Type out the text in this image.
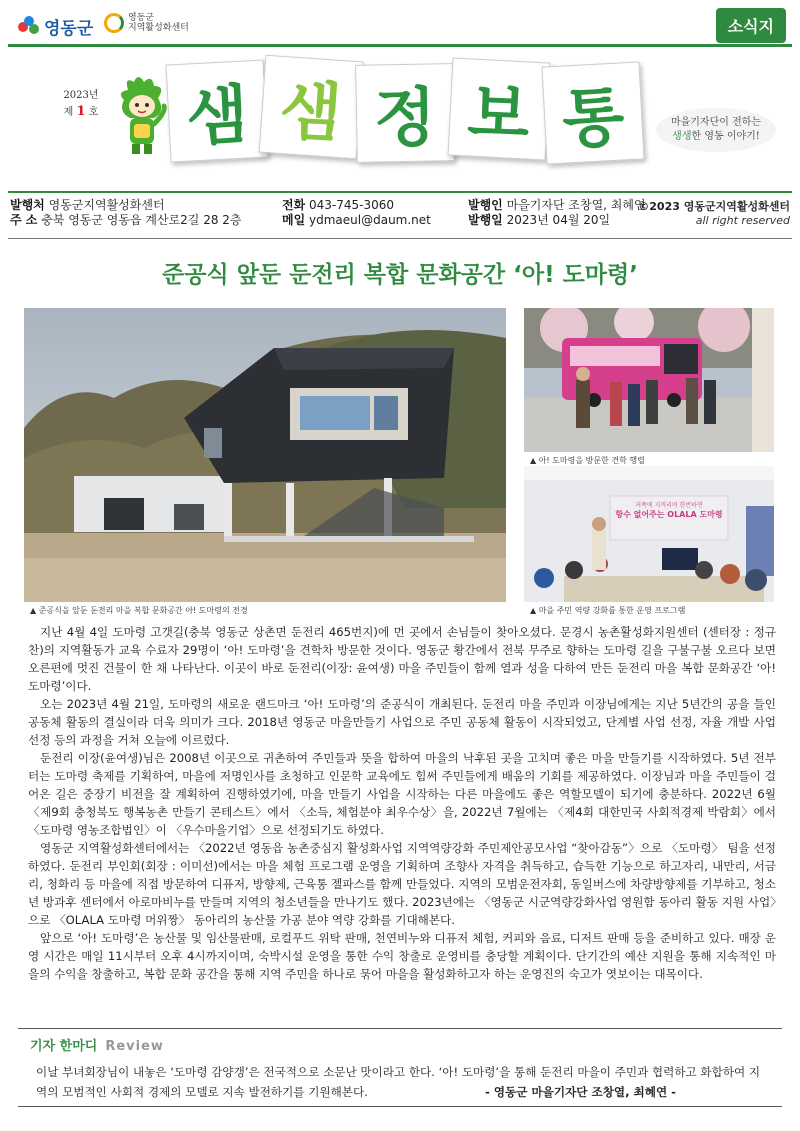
영동군
영동군
지역활성화센터	소식지
2023년
제 1 호 샘 샘 정 보 통	마을기자단이 전하는
생생한 영동 이야기!
발행처 영동군지역활성화센터
주 소 충북 영동군 영동읍 계산로2길 28 2층
전화 043-745-3060
메일 ydmaeul@daum.net
발행인 마을기자단 조창열, 최혜연
발행일 2023년 04월 20일
©2023 영동군지역활성화센터
all right reserved
준공식 앞둔 둔전리 복합 문화공간 ‘아! 도마령’
▲ 준공식을 앞둔 둔전리 마을 복합 문화공간 아! 도마령의 전경
▲ 아! 도마령을 방문한 견학 행렬
저쪽에 지꺼리며 한번하면
항수 없어주는 OLALA 도마령
▲ 마을 주민 역량 강화를 통한 운영 프로그램

지난 4월 4일 도마령 고갯길(충북 영동군 상촌면 둔전리 465번지)에 먼 곳에서 손님들이 찾아오셨다. 문경시 농촌활성화지원센터 (센터장 : 정규찬)의 지역활동가 교육 수료자 29명이 ‘아! 도마령’을 견학차 방문한 것이다. 영동군 황간에서 전북 무주로 향하는 도마령 길을 구불구불 오르다 보면 오른편에 멋진 건물이 한 채 나타난다. 이곳이 바로 둔전리(이장: 윤여생) 마을 주민들이 함께 열과 성을 다하여 만든 둔전리 마을 복합 문화공간 ‘아! 도마령’이다.

오는 2023년 4월 21일, 도마령의 새로운 랜드마크 ‘아! 도마령’의 준공식이 개최된다. 둔전리 마을 주민과 이장님에게는 지난 5년간의 공을 들인 공동체 활동의 결실이라 더욱 의미가 크다. 2018년 영동군 마을만들기 사업으로 주민 공동체 활동이 시작되었고, 단계별 사업 선정, 자율 개발 사업 선정 등의 과정을 거쳐 오늘에 이르렀다.

둔전리 이장(윤여생)님은 2008년 이곳으로 귀촌하여 주민들과 뜻을 합하여 마을의 낙후된 곳을 고치며 좋은 마을 만들기를 시작하였다. 5년 전부터는 도마령 축제를 기획하여, 마을에 저명인사를 초청하고 인문학 교육에도 힘써 주민들에게 배움의 기회를 제공하였다. 이장님과 마을 주민들이 걸어온 길은 중장기 비전을 잘 계획하여 진행하였기에, 마을 만들기 사업을 시작하는 다른 마을에도 좋은 역할모델이 되기에 충분하다. 2022년 6월 〈제9회 충청북도 행복농촌 만들기 콘테스트〉에서 〈소득, 체험분야 최우수상〉을, 2022년 7월에는 〈제4회 대한민국 사회적경제 박람회〉에서 〈도마령 영농조합법인〉이 〈우수마을기업〉으로 선정되기도 하였다.

영동군 지역활성화센터에서는 〈2022년 영동읍 농촌중심지 활성화사업 지역역량강화 주민제안공모사업 “찾아감동”〉으로 〈도마령〉 팀을 선정하였다. 둔전리 부인회(회장 : 이미선)에서는 마을 체험 프로그램 운영을 기획하며 조향사 자격을 취득하고, 습득한 기능으로 하고자리, 내만리, 서금리, 청화리 등 마을에 직접 방문하여 디퓨저, 방향제, 근육통 젤파스를 함께 만들었다. 지역의 모범운전자회, 동일버스에 차량방향제를 기부하고, 청소년 방과후 센터에서 아로마비누를 만들며 지역의 청소년들을 만나기도 했다. 2023년에는 〈영동군 시군역량강화사업 영원함 동아리 활동 지원 사업〉으로 〈OLALA 도마령 머위짱〉 동아리의 농산물 가공 분야 역량 강화를 기대해본다.

앞으로 ‘아! 도마령’은 농산물 및 임산물판매, 로컬푸드 위탁 판매, 천연비누와 디퓨저 체험, 커피와 음료, 디저트 판매 등을 준비하고 있다. 매장 운영 시간은 매일 11시부터 오후 4시까지이며, 숙박시설 운영을 통한 수익 창출로 운영비를 충당할 계획이다. 단기간의 예산 지원을 통해 지속적인 마을의 수익을 창출하고, 복합 문화 공간을 통해 지역 주민을 하나로 묶어 마을을 활성화하고자 하는 운영진의 숙고가 엿보이는 대목이다.

기자 한마디 Review
이날 부녀회장님이 내놓은 ‘도마령 감양갱’은 전국적으로 소문난 맛이라고 한다. ‘아! 도마령’을 통해 둔전리 마을이 주민과 협력하고 화합하여 지역의 모범적인 사회적 경제의 모델로 지속 발전하기를 기원해본다.	- 영동군 마을기자단 조창열, 최혜연 -
